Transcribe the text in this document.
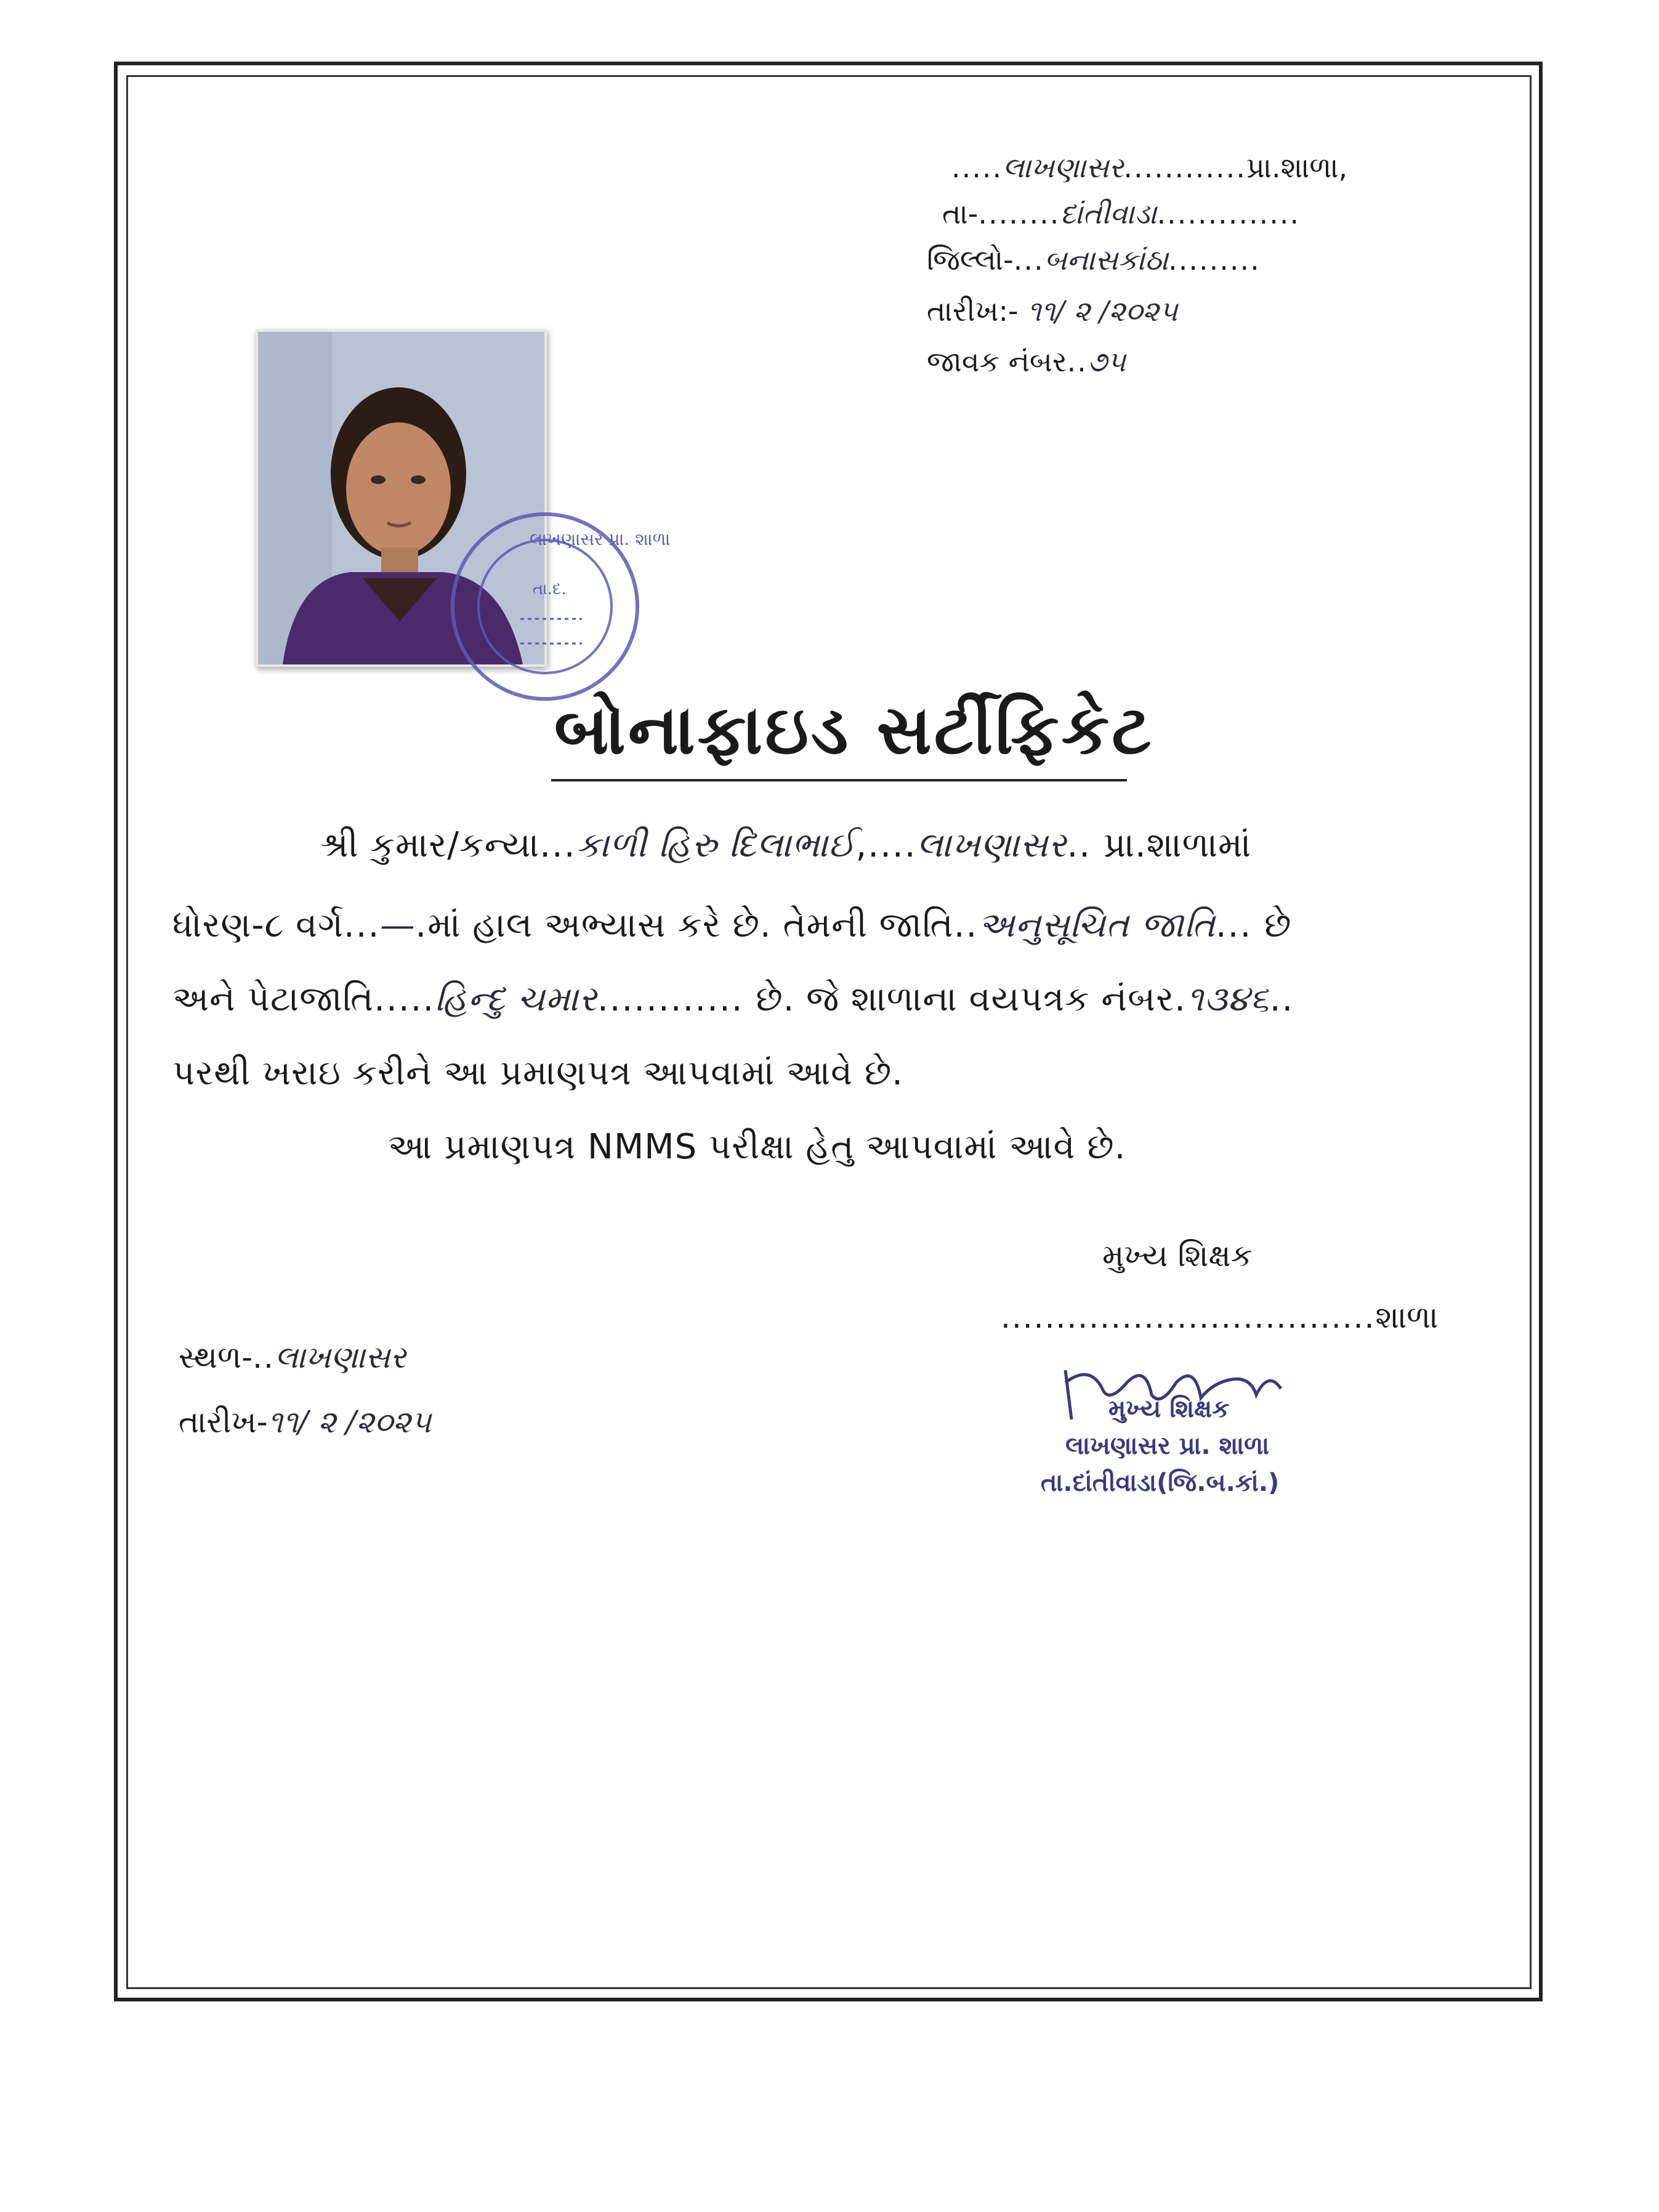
.....લાખણાસર............પ્રા.શાળા,
તા-........દાંતીવાડા..............
જિલ્લો-...બનાસકાંઠા.........
તારીખ:- ૧૧/ ૨ /૨૦૨૫
જાવક નંબર..૭૫
લાખણાસર પ્રા. શાળા
તા.દ.
બોનાફાઇડ સર્ટીફિકેટ
શ્રી કુમાર/કન્યા...કાળી હિરુ દિલાભાઈ,....લાખણાસર.. પ્રા.શાળામાં
ધોરણ-૮ વર્ગ...—.માં હાલ અભ્યાસ કરે છે. તેમની જાતિ..અનુસૂચિત જાતિ... છે
અને પેટાજાતિ.....હિન્દુ ચમાર............ છે. જે શાળાના વયપત્રક નંબર.૧૩૪૬..
પરથી ખરાઇ કરીને આ પ્રમાણપત્ર આપવામાં આવે છે.
આ પ્રમાણપત્ર NMMS પરીક્ષા હેતુ આપવામાં આવે છે.
મુખ્ય શિક્ષક
..................................શાળા
સ્થળ-..લાખણાસર
તારીખ-૧૧/ ૨ /૨૦૨૫	મુખ્ય શિક્ષક
લાખણાસર પ્રા. શાળા
તા.દાંતીવાડા(જિ.બ.કાં.)
